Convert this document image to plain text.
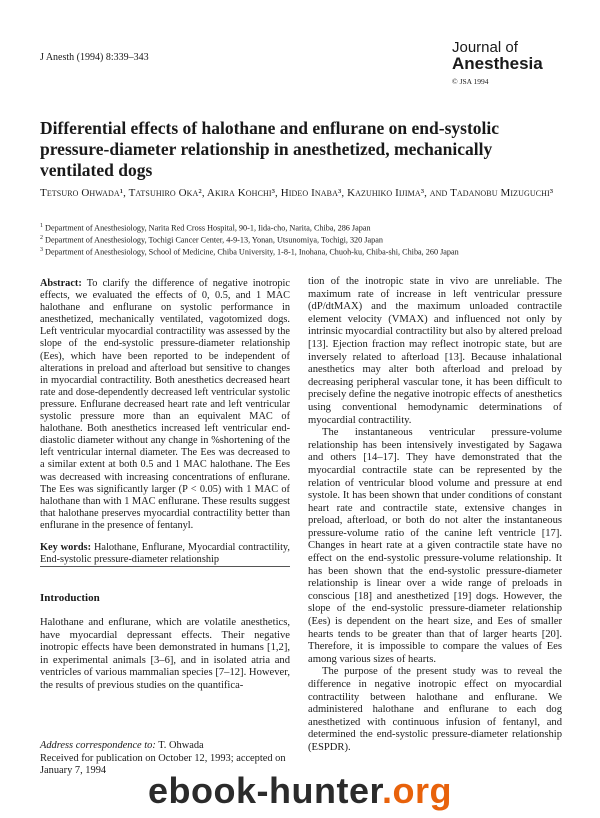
J Anesth (1994) 8:339–343
Journal of
Anesthesia
© JSA 1994
Differential effects of halothane and enflurane on end-systolic pressure-diameter relationship in anesthetized, mechanically ventilated dogs
Tetsuro Ohwada¹, Tatsuhiro Oka², Akira Kohchi³, Hideo Inaba³, Kazuhiko Iijima³, and Tadanobu Mizuguchi³
$^1$ Department of Anesthesiology, Narita Red Cross Hospital, 90-1, Iida-cho, Narita, Chiba, 286 Japan
$^2$ Department of Anesthesiology, Tochigi Cancer Center, 4-9-13, Yonan, Utsunomiya, Tochigi, 320 Japan
$^3$ Department of Anesthesiology, School of Medicine, Chiba University, 1-8-1, Inohana, Chuoh-ku, Chiba-shi, Chiba, 260 Japan

Abstract: To clarify the difference of negative inotropic effects, we evaluated the effects of 0, 0.5, and 1 MAC halothane and enflurane on systolic performance in anesthetized, mechanically ventilated, vagotomized dogs. Left ventricular myocardial contractility was assessed by the slope of the end-systolic pressure-diameter relationship (Ees), which have been reported to be independent of alterations in preload and afterload but sensitive to changes in myocardial contractility. Both anesthetics decreased heart rate and dose-dependently decreased left ventricular systolic pressure. Enflurane decreased heart rate and left ventricular systolic pressure more than an equivalent MAC of halothane. Both anesthetics increased left ventricular end-diastolic diameter without any change in %shortening of the left ventricular internal diameter. The Ees was decreased to a similar extent at both 0.5 and 1 MAC halothane. The Ees was decreased with increasing concentrations of enflurane. The Ees was significantly larger (P < 0.05) with 1 MAC of halothane than with 1 MAC enflurane. These results suggest that halothane preserves myocardial contractility better than enflurane in the presence of fentanyl.

Key words: Halothane, Enflurane, Myocardial contractility, End-systolic pressure-diameter relationship

Introduction

Halothane and enflurane, which are volatile anesthetics, have myocardial depressant effects. Their negative inotropic effects have been demonstrated in humans [1,2], in experimental animals [3–6], and in isolated atria and ventricles of various mammalian species [7–12]. However, the results of previous studies on the quantifica-

Address correspondence to: T. Ohwada

Received for publication on October 12, 1993; accepted on January 7, 1994

tion of the inotropic state in vivo are unreliable. The maximum rate of increase in left ventricular pressure (dP/dtMAX) and the maximum unloaded contractile element velocity (VMAX) and influenced not only by intrinsic myocardial contractility but also by altered preload [13]. Ejection fraction may reflect inotropic state, but are inversely related to afterload [13]. Because inhalational anesthetics may alter both afterload and preload by decreasing peripheral vascular tone, it has been difficult to precisely define the negative inotropic effects of anesthetics using conventional hemodynamic determinations of myocardial contractility.

The instantaneous ventricular pressure-volume relationship has been intensively investigated by Sagawa and others [14–17]. They have demonstrated that the myocardial contractile state can be represented by the relation of ventricular blood volume and pressure at end systole. It has been shown that under conditions of constant heart rate and contractile state, extensive changes in preload, afterload, or both do not alter the instantaneous pressure-volume ratio of the canine left ventricle [17]. Changes in heart rate at a given contractile state have no effect on the end-systolic pressure-volume relationship. It has been shown that the end-systolic pressure-diameter relationship is linear over a wide range of preloads in conscious [18] and anesthetized [19] dogs. However, the slope of the end-systolic pressure-diameter relationship (Ees) is dependent on the heart size, and Ees of smaller hearts tends to be greater than that of larger hearts [20]. Therefore, it is impossible to compare the values of Ees among various sizes of hearts.

The purpose of the present study was to reveal the difference in negative inotropic effect on myocardial contractility between halothane and enflurane. We administered halothane and enflurane to each dog anesthetized with continuous infusion of fentanyl, and determined the end-systolic pressure-diameter relationship (ESPDR).

ebook-hunter.org
